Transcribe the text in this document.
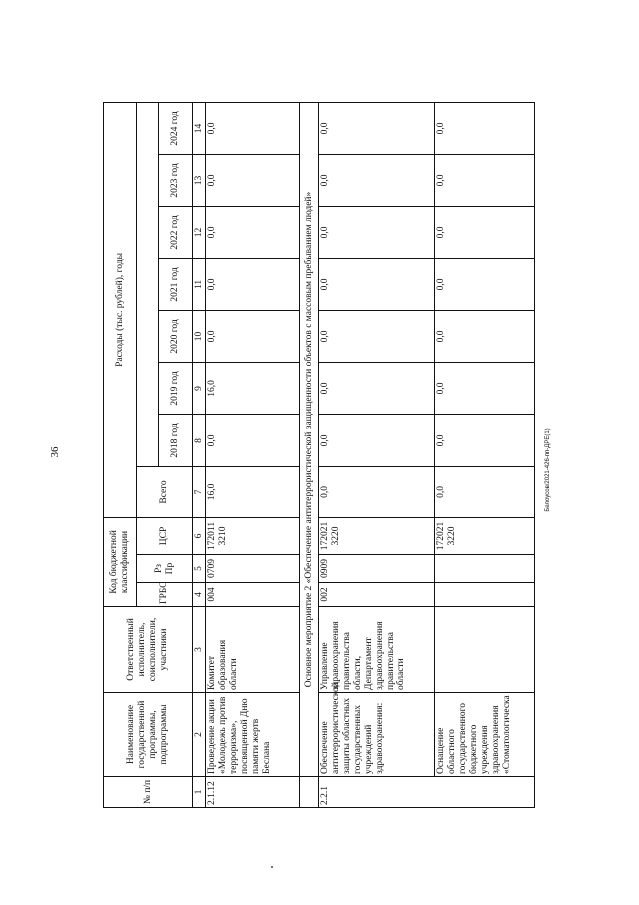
36	Белоусов/2021-426-пп-ДРЕ(1)
№ п/п	Наименование государственной программы, подпрограммы	Ответственный исполнитель, соисполнители, участники	Код бюджетной классификации			Расходы (тыс. рублей), годы							
			ГРБС	Рз Пр	ЦСР	Всего							
							2018 год	2019 год	2020 год	2021 год	2022 год	2023 год	2024 год
1	2	3	4	5	6	7	8	9	10	11	12	13	14
2.1.12	Проведение акции «Молодежь против терроризма», посвященной Дню памяти жертв Беслана	Комитет образования области	004	0709	172011 3210	16,0	0,0	16,0	0,0	0,0	0,0	0,0	0,0
	Основное мероприятие 2 «Обеспечение антитеррористической защищенности объектов с массовым пребыванием людей»												
2.2.1	Обеспечение антитеррористической защиты областных государственных учреждений здравоохранения:	Управление здравоохранения правительства области, Департамент здравоохранения правительства области	002	0909	172021 3220	0,0	0,0	0,0	0,0	0,0	0,0	0,0	0,0
	Оснащение областного государственного бюджетного учреждения здравоохранения «Стоматологическа				172021 3220	0,0	0,0	0,0	0,0	0,0	0,0	0,0	0,0
